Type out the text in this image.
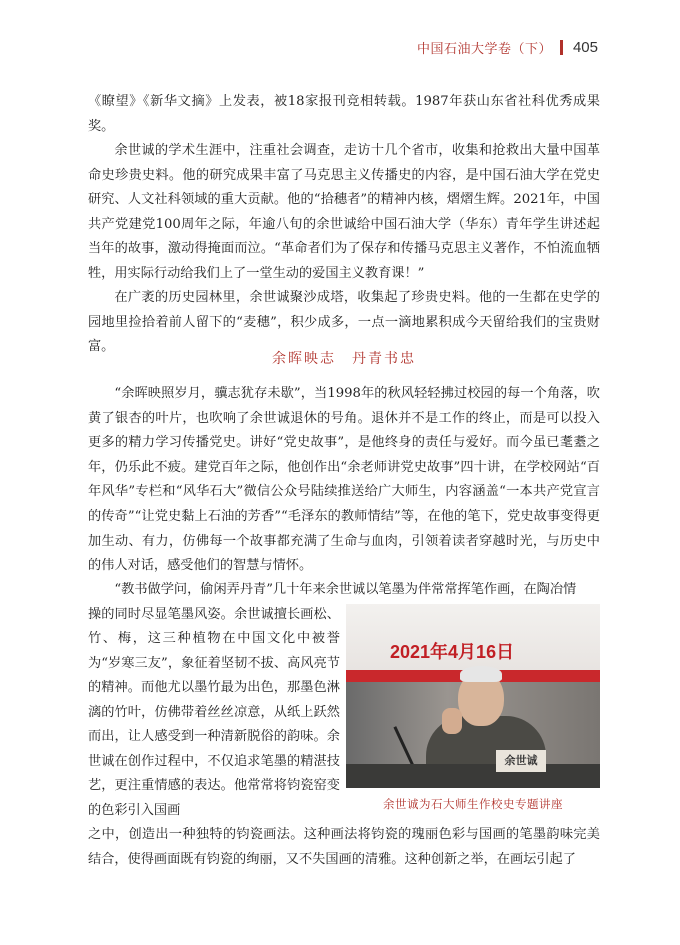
中国石油大学卷（下） 405

《瞭望》《新华文摘》上发表，被18家报刊竞相转载。1987年获山东省社科优秀成果奖。

余世诚的学术生涯中，注重社会调查，走访十几个省市，收集和抢救出大量中国革命史珍贵史料。他的研究成果丰富了马克思主义传播史的内容，是中国石油大学在党史研究、人文社科领域的重大贡献。他的“拾穗者”的精神内核，熠熠生辉。2021年，中国共产党建党100周年之际，年逾八旬的余世诚给中国石油大学（华东）青年学生讲述起当年的故事，激动得掩面而泣。“革命者们为了保存和传播马克思主义著作，不怕流血牺牲，用实际行动给我们上了一堂生动的爱国主义教育课！”

在广袤的历史园林里，余世诚聚沙成塔，收集起了珍贵史料。他的一生都在史学的园地里捡拾着前人留下的“麦穗”，积少成多，一点一滴地累积成今天留给我们的宝贵财富。

余晖映志　丹青书忠

“余晖映照岁月，骥志犹存未歇”，当1998年的秋风轻轻拂过校园的每一个角落，吹黄了银杏的叶片，也吹响了余世诚退休的号角。退休并不是工作的终止，而是可以投入更多的精力学习传播党史。讲好“党史故事”，是他终身的责任与爱好。而今虽已耄耋之年，仍乐此不疲。建党百年之际，他创作出“余老师讲党史故事”四十讲，在学校网站“百年风华”专栏和“风华石大”微信公众号陆续推送给广大师生，内容涵盖“一本共产党宣言的传奇”“让党史黏上石油的芳香”“毛泽东的教师情结”等，在他的笔下，党史故事变得更加生动、有力，仿佛每一个故事都充满了生命与血肉，引领着读者穿越时光，与历史中的伟人对话，感受他们的智慧与情怀。

“教书做学问，偷闲弄丹青”几十年来余世诚以笔墨为伴常常挥笔作画，在陶冶情

操的同时尽显笔墨风姿。余世诚擅长画松、竹、梅，这三种植物在中国文化中被誉为“岁寒三友”，象征着坚韧不拔、高风亮节的精神。而他尤以墨竹最为出色，那墨色淋漓的竹叶，仿佛带着丝丝凉意，从纸上跃然而出，让人感受到一种清新脱俗的韵味。余世诚在创作过程中，不仅追求笔墨的精湛技艺，更注重情感的表达。他常常将钧瓷窑变的色彩引入国画

之中，创造出一种独特的钧瓷画法。这种画法将钧瓷的瑰丽色彩与国画的笔墨韵味完美结合，使得画面既有钧瓷的绚丽，又不失国画的清雅。这种创新之举，在画坛引起了

2021年4月16日
余世诚
余世诚为石大师生作校史专题讲座
